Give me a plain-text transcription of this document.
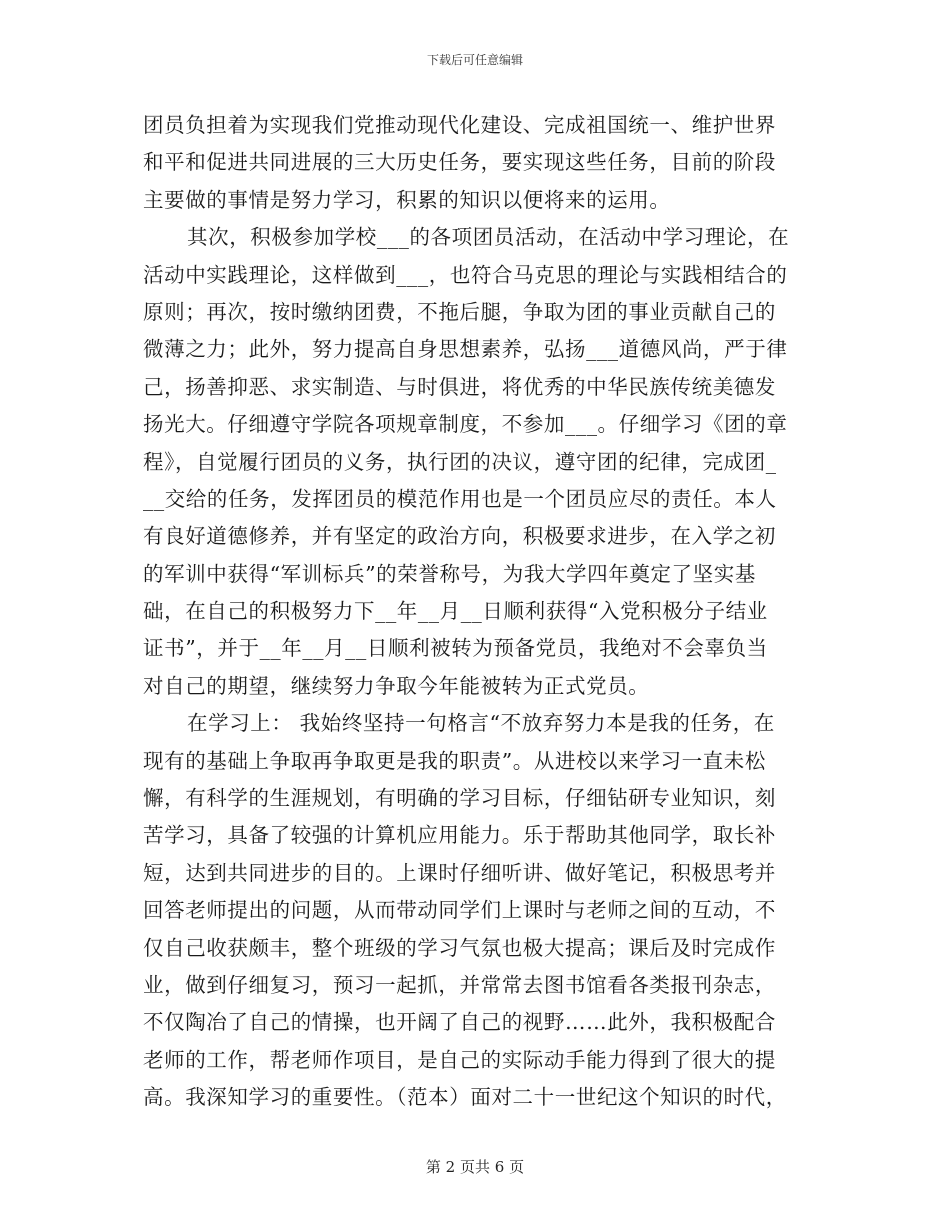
下载后可任意编辑
团员负担着为实现我们党推动现代化建设、完成祖国统一、维护世界
和平和促进共同进展的三大历史任务，要实现这些任务，目前的阶段
主要做的事情是努力学习，积累的知识以便将来的运用。
其次，积极参加学校___的各项团员活动，在活动中学习理论，在
活动中实践理论，这样做到___，也符合马克思的理论与实践相结合的
原则；再次，按时缴纳团费，不拖后腿，争取为团的事业贡献自己的
微薄之力；此外，努力提高自身思想素养，弘扬___道德风尚，严于律
己，扬善抑恶、求实制造、与时俱进，将优秀的中华民族传统美德发
扬光大。仔细遵守学院各项规章制度，不参加___。仔细学习《团的章
程》，自觉履行团员的义务，执行团的决议，遵守团的纪律，完成团_
__交给的任务，发挥团员的模范作用也是一个团员应尽的责任。本人
有良好道德修养，并有坚定的政治方向，积极要求进步，在入学之初
的军训中获得“军训标兵”的荣誉称号，为我大学四年奠定了坚实基
础，在自己的积极努力下__年__月__日顺利获得“入党积极分子结业
证书”，并于__年__月__日顺利被转为预备党员，我绝对不会辜负当
对自己的期望，继续努力争取今年能被转为正式党员。
在学习上： 我始终坚持一句格言“不放弃努力本是我的任务，在
现有的基础上争取再争取更是我的职责”。从进校以来学习一直未松
懈，有科学的生涯规划，有明确的学习目标，仔细钻研专业知识，刻
苦学习，具备了较强的计算机应用能力。乐于帮助其他同学，取长补
短，达到共同进步的目的。上课时仔细听讲、做好笔记，积极思考并
回答老师提出的问题，从而带动同学们上课时与老师之间的互动，不
仅自己收获颇丰，整个班级的学习气氛也极大提高；课后及时完成作
业，做到仔细复习，预习一起抓，并常常去图书馆看各类报刊杂志，
不仅陶冶了自己的情操，也开阔了自己的视野……此外，我积极配合
老师的工作，帮老师作项目，是自己的实际动手能力得到了很大的提
高。我深知学习的重要性。（范本）面对二十一世纪这个知识的时代，
第 2 页共 6 页
